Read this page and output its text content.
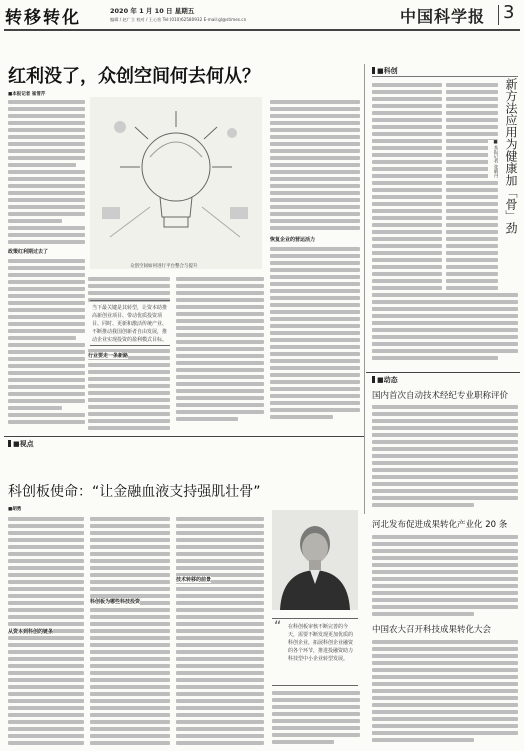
转移转化	2020 年 1 月 10 日 星期五
编辑 / 赵广立 校对 / 王心怡 Tel:(010)62580932 E-mail:gl@stimes.cn	中国科学报 3
红利没了，众创空间何去何从？
■本报记者 崔雪芹
政策红利期过去了
众创空间如何进行平台整合与提升
当下最关键是其转型，让资本助推高新创业项目、带动优质投资项目、同时、更新和激活传统产业、不断推动我国创新者自由发展，推动企业实现投资的盈利模式目标。
行业要走一条新路
恢复企业的营运活力
■科创
新方法应用为健康加「骨」劲
■本报记者 张晴丹
■动态
国内首次自动技术经纪专业职称评价
河北发布促进成果转化产业化 20 条
中国农大召开科技成果转化大会
■视点
科创板使命：“让金融血液支持强肌壮骨”
■胡勇
从资本到科创的链条
科创板为哪些科技投资
技术转移的前景
胡勇
在科创板审核不断完善的今天，需要不断发现更加优质的科创企业，拓展科创企业融资的各个环节，推进投融资助力科技型中小企业转型发展。
“
